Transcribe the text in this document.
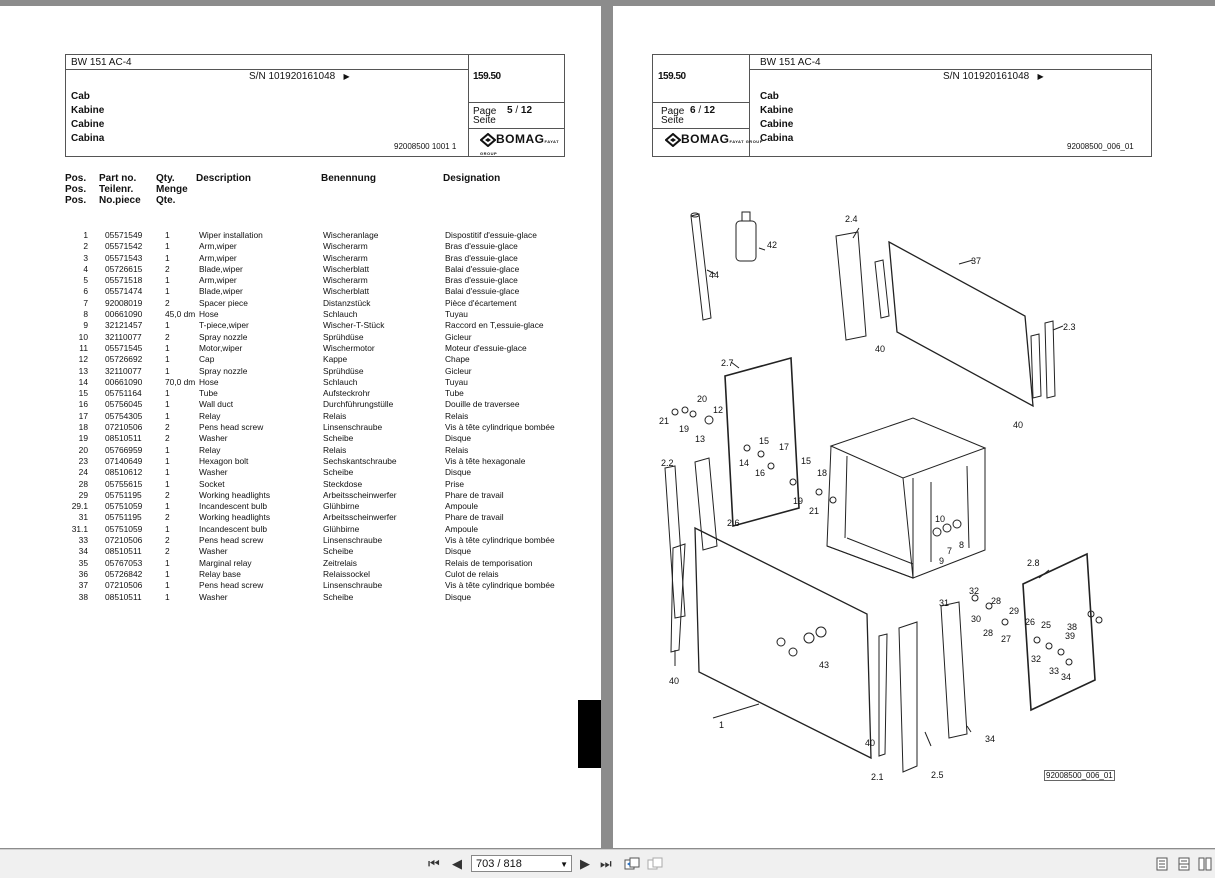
BW 151 AC-4
S/N 101920161048 ▶	159.50
Page
Seite
5 / 12
BOMAGFAYAT GROUP
Cab
Kabine
Cabine
Cabina
92008500 1001 1
Pos.
Pos.
Pos.
Part no.
Teilenr.
No.piece
Qty.
Menge
Qte.
Description	Benennung	Designation
1	05571549	1	Wiper installation	Wischeranlage	Dispostitif d'essuie-glace
2	05571542	1	Arm,wiper	Wischerarm	Bras d'essuie-glace
3	05571543	1	Arm,wiper	Wischerarm	Bras d'essuie-glace
4	05726615	2	Blade,wiper	Wischerblatt	Balai d'essuie-glace
5	05571518	1	Arm,wiper	Wischerarm	Bras d'essuie-glace
6	05571474	1	Blade,wiper	Wischerblatt	Balai d'essuie-glace
7	92008019	2	Spacer piece	Distanzstück	Pièce d'écartement
8	00661090	45,0 dm	Hose	Schlauch	Tuyau
9	32121457	1	T-piece,wiper	Wischer-T-Stück	Raccord en T,essuie-glace
10	32110077	2	Spray nozzle	Sprühdüse	Gicleur
11	05571545	1	Motor,wiper	Wischermotor	Moteur d'essuie-glace
12	05726692	1	Cap	Kappe	Chape
13	32110077	1	Spray nozzle	Sprühdüse	Gicleur
14	00661090	70,0 dm	Hose	Schlauch	Tuyau
15	05751164	1	Tube	Aufsteckrohr	Tube
16	05756045	1	Wall duct	Durchführungstülle	Douille de traversee
17	05754305	1	Relay	Relais	Relais
18	07210506	2	Pens head screw	Linsenschraube	Vis à tête cylindrique bombée
19	08510511	2	Washer	Scheibe	Disque
20	05766959	1	Relay	Relais	Relais
23	07140649	1	Hexagon bolt	Sechskantschraube	Vis à tête hexagonale
24	08510612	1	Washer	Scheibe	Disque
28	05755615	1	Socket	Steckdose	Prise
29	05751195	2	Working headlights	Arbeitsscheinwerfer	Phare de travail
29.1	05751059	1	Incandescent bulb	Glühbirne	Ampoule
31	05751195	2	Working headlights	Arbeitsscheinwerfer	Phare de travail
31.1	05751059	1	Incandescent bulb	Glühbirne	Ampoule
33	07210506	2	Pens head screw	Linsenschraube	Vis à tête cylindrique bombée
34	08510511	2	Washer	Scheibe	Disque
35	05767053	1	Marginal relay	Zeitrelais	Relais de temporisation
36	05726842	1	Relay base	Relaissockel	Culot de relais
37	07210506	1	Pens head screw	Linsenschraube	Vis à tête cylindrique bombée
38	08510511	1	Washer	Scheibe	Disque
159.50
Page
Seite
6 / 12
BOMAGFAYAT GROUP
BW 151 AC-4
S/N 101920161048 ▶
Cab
Kabine
Cabine
Cabina
92008500_006_01
44
42
2.4
37
40
2.3
2.7
20
21
12
19
13	15
17
14
16
15
18
19
21
2.2
2.6	10
7
8
9
40
1
43
40
2.1	2.5
34
31
32
28
30
29
28
27
26 25 38
39
32
33
34
2.8
40
92008500_006_01
⏮ ◀	703 / 818	▼ ▶ ⏭
